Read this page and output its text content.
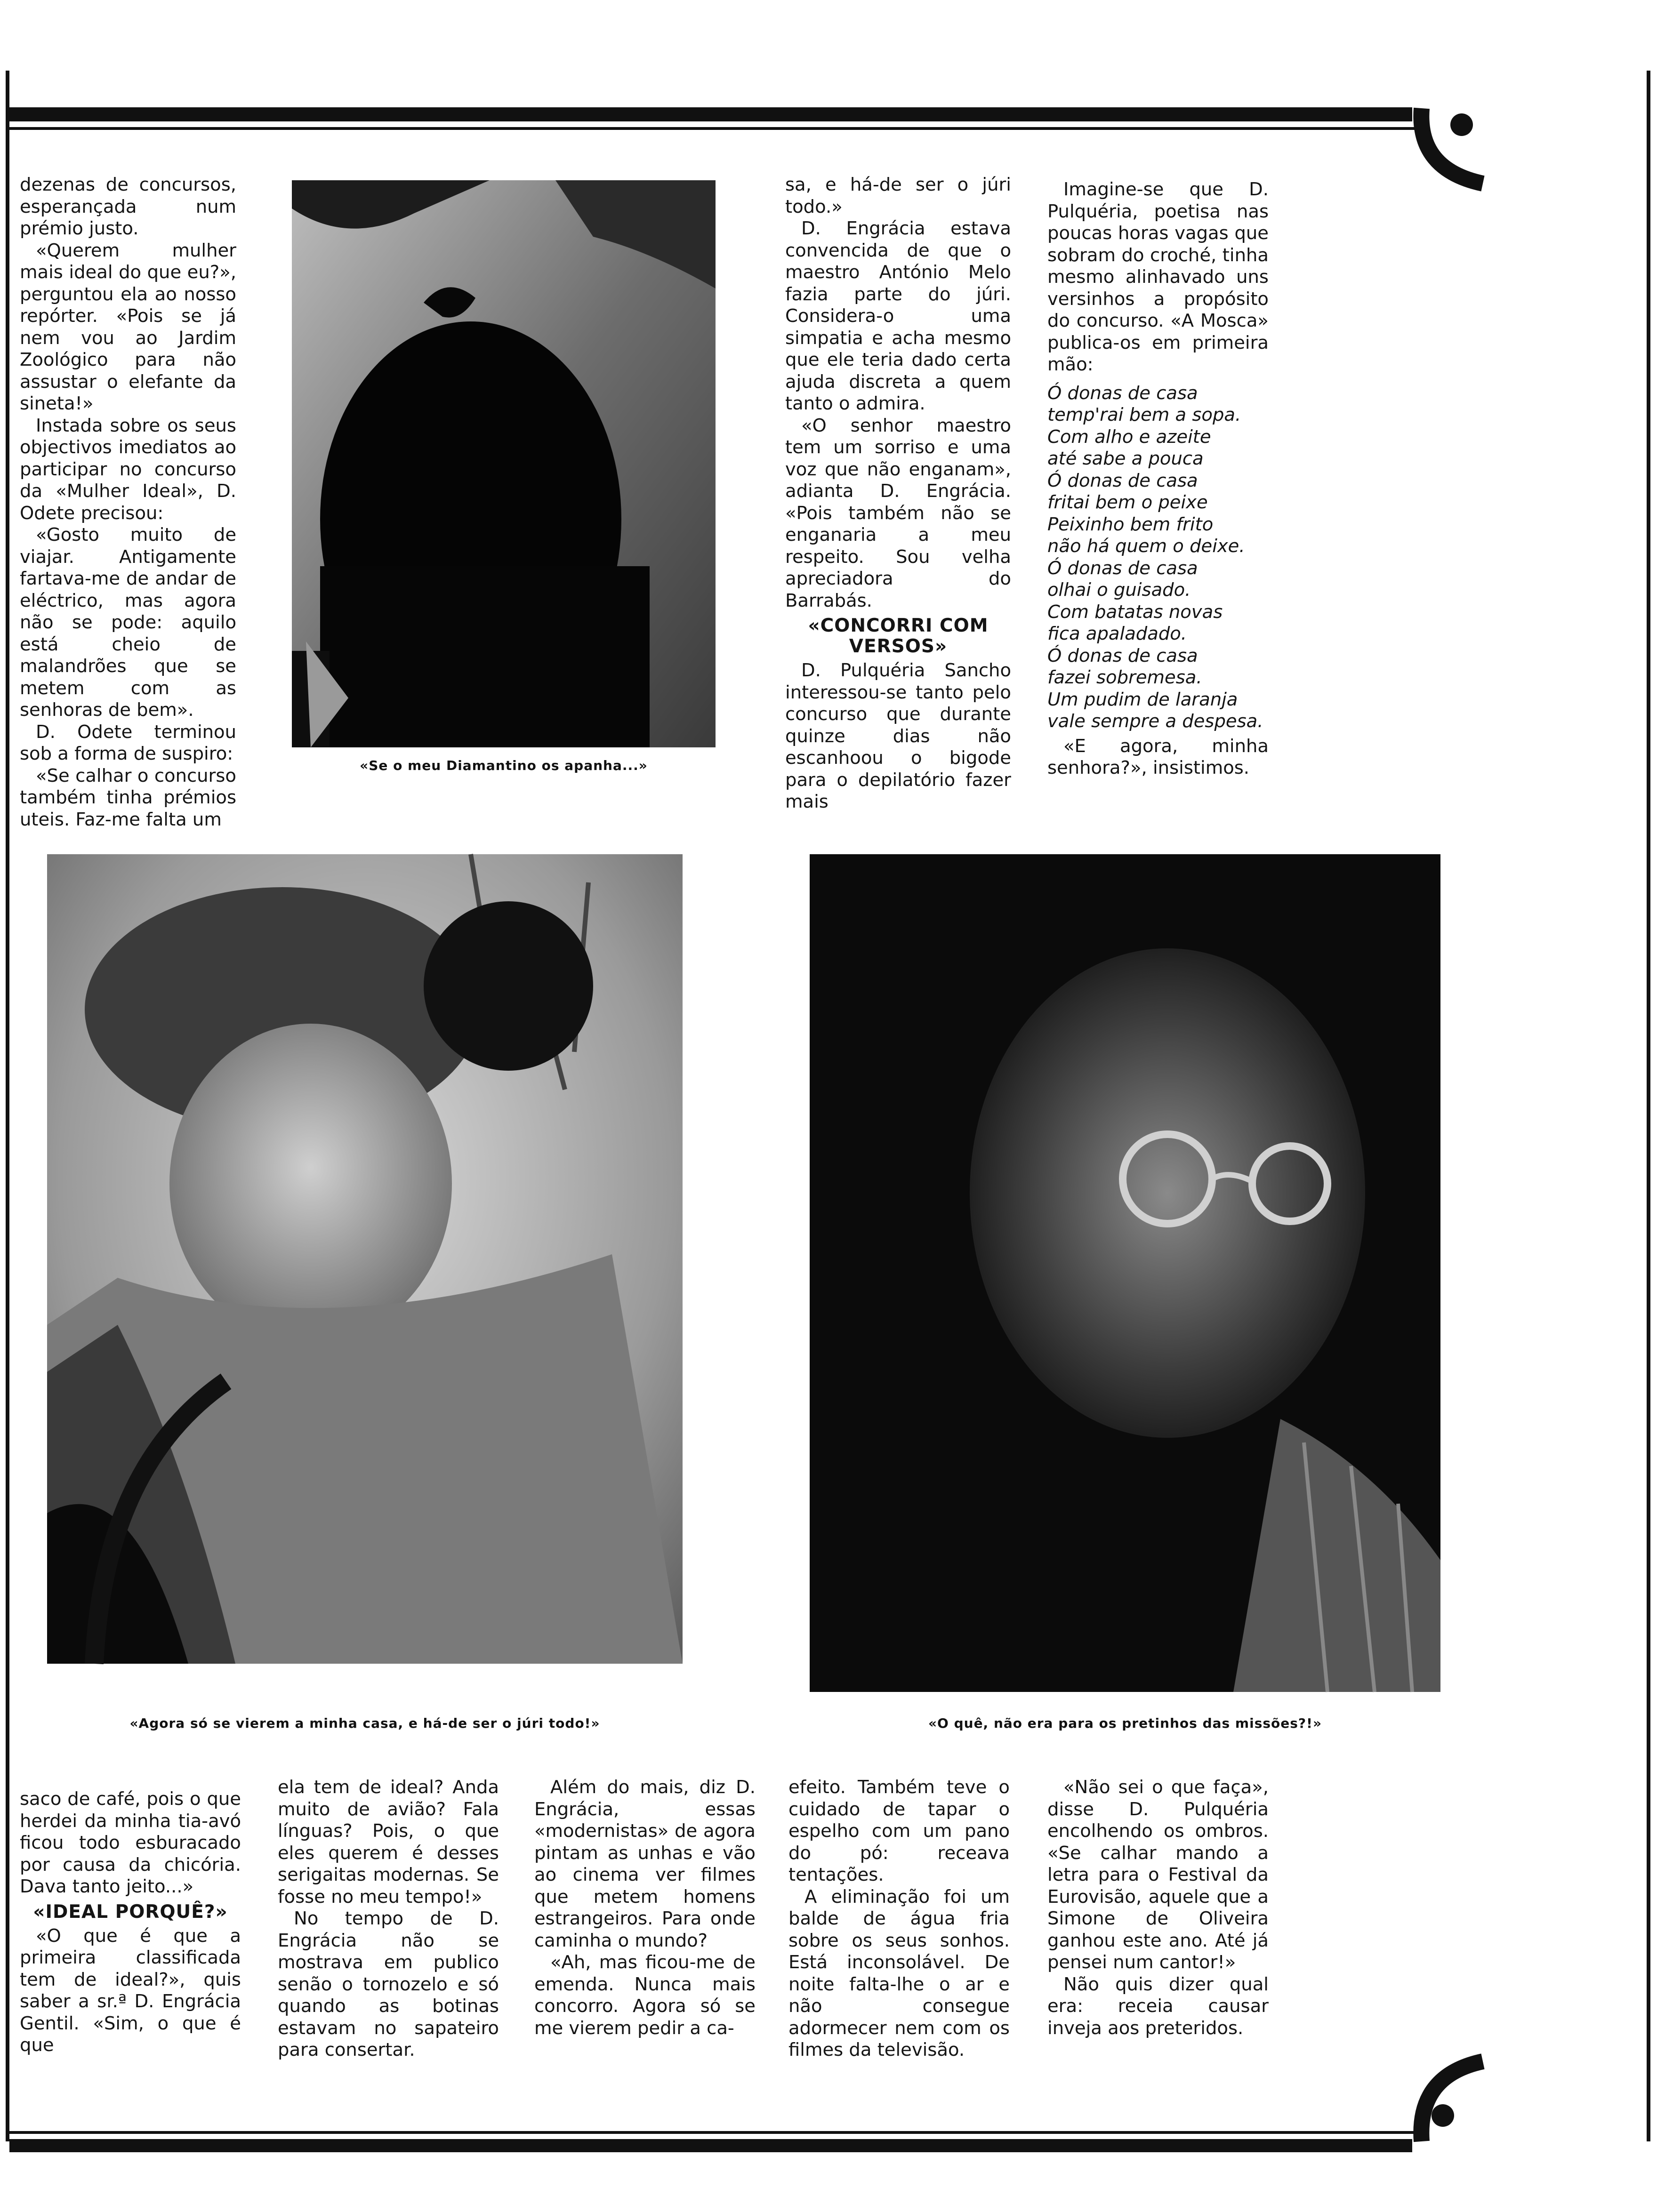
dezenas de concursos, esperançada num prémio justo.

«Querem mulher mais ideal do que eu?», perguntou ela ao nosso repórter. «Pois se já nem vou ao Jardim Zoológico para não assustar o elefante da sineta!»

Instada sobre os seus objectivos imediatos ao participar no concurso da «Mulher Ideal», D. Odete precisou:

«Gosto muito de viajar. Antigamente fartava-me de andar de eléctrico, mas agora não se pode: aquilo está cheio de malandrões que se metem com as senhoras de bem».

D. Odete terminou sob a forma de suspiro:

«Se calhar o concurso também tinha prémios uteis. Faz-me falta um

«Se o meu Diamantino os apanha...»

sa, e há-de ser o júri todo.»

D. Engrácia estava convencida de que o maestro António Melo fazia parte do júri. Considera-o uma simpatia e acha mesmo que ele teria dado certa ajuda discreta a quem tanto o admira.

«O senhor maestro tem um sorriso e uma voz que não enganam», adianta D. Engrácia. «Pois também não se enganaria a meu respeito. Sou velha apreciadora do Barrabás.

«CONCORRI COM VERSOS»

D. Pulquéria Sancho interessou-se tanto pelo concurso que durante quinze dias não escanhoou o bigode para o depilatório fazer mais

Imagine-se que D. Pulquéria, poetisa nas poucas horas vagas que sobram do croché, tinha mesmo alinhavado uns versinhos a propósito do concurso. «A Mosca» publica-os em primeira mão:

Ó donas de casa

temp'rai bem a sopa.

Com alho e azeite

até sabe a pouca

Ó donas de casa

fritai bem o peixe

Peixinho bem frito

não há quem o deixe.

Ó donas de casa

olhai o guisado.

Com batatas novas

fica apaladado.

Ó donas de casa

fazei sobremesa.

Um pudim de laranja

vale sempre a despesa.

«E agora, minha senhora?», insistimos.

«Agora só se vierem a minha casa, e há-de ser o júri todo!»	«O quê, não era para os pretinhos das missões?!»

saco de café, pois o que herdei da minha tia-avó ficou todo esburacado por causa da chicória. Dava tanto jeito...»

«IDEAL PORQUÊ?»

«O que é que a primeira classificada tem de ideal?», quis saber a sr.ª D. Engrácia Gentil. «Sim, o que é que

ela tem de ideal? Anda muito de avião? Fala línguas? Pois, o que eles querem é desses serigaitas modernas. Se fosse no meu tempo!»

No tempo de D. Engrácia não se mostrava em publico senão o tornozelo e só quando as botinas estavam no sapateiro para consertar.

Além do mais, diz D. Engrácia, essas «modernistas» de agora pintam as unhas e vão ao cinema ver filmes que metem homens estrangeiros. Para onde caminha o mundo?

«Ah, mas ficou-me de emenda. Nunca mais concorro. Agora só se me vierem pedir a ca-

efeito. Também teve o cuidado de tapar o espelho com um pano do pó: receava tentações.

A eliminação foi um balde de água fria sobre os seus sonhos. Está inconsolável. De noite falta-lhe o ar e não consegue adormecer nem com os filmes da televisão.

«Não sei o que faça», disse D. Pulquéria encolhendo os ombros. «Se calhar mando a letra para o Festival da Eurovisão, aquele que a Simone de Oliveira ganhou este ano. Até já pensei num cantor!»

Não quis dizer qual era: receia causar inveja aos preteridos.
